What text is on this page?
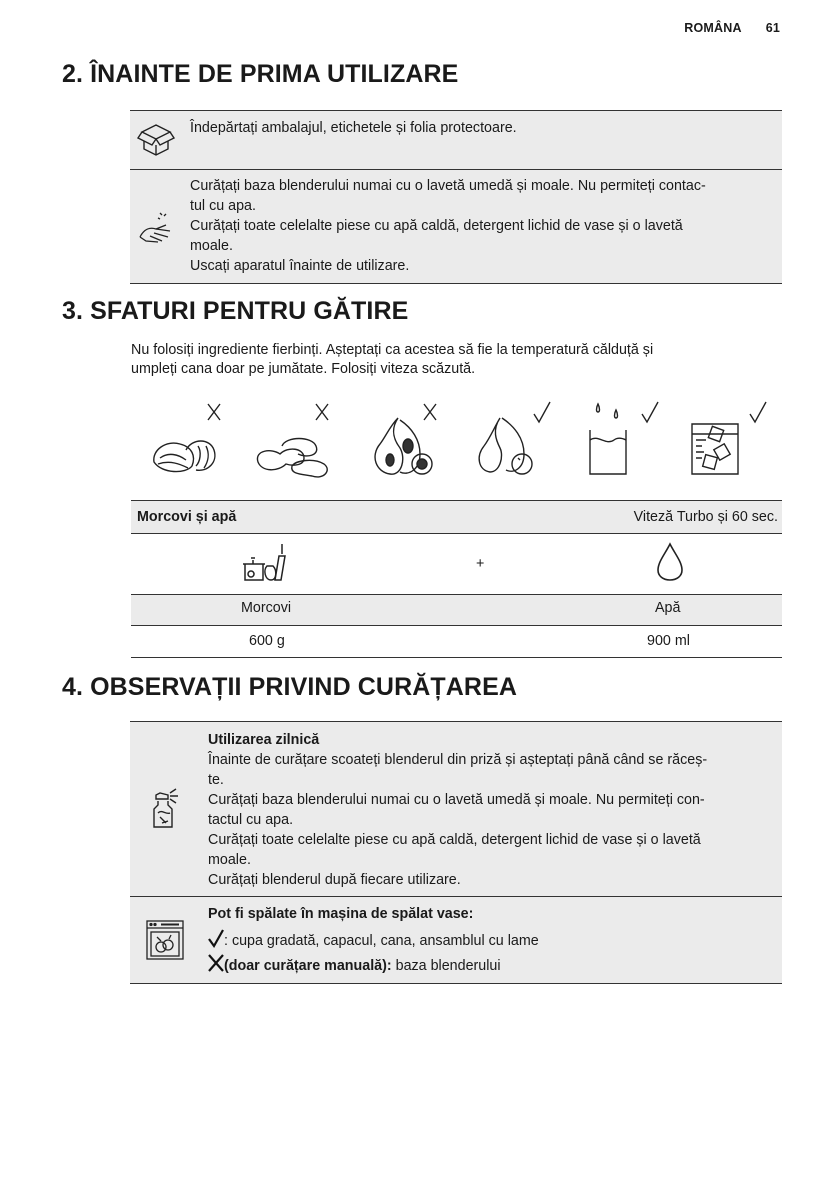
ROMÂNA 61
2. ÎNAINTE DE PRIMA UTILIZARE
Îndepărtați ambalajul, etichetele și folia protectoare.
Curățați baza blenderului numai cu o lavetă umedă și moale. Nu permiteți contac-
tul cu apa.
Curățați toate celelalte piese cu apă caldă, detergent lichid de vase și o lavetă
moale.
Uscați aparatul înainte de utilizare.
3. SFATURI PENTRU GĂTIRE
Nu folosiți ingrediente fierbinți. Așteptați ca acestea să fie la temperatură călduță și
umpleți cana doar pe jumătate. Folosiți viteza scăzută.
Morcovi și apă	Viteză Turbo și 60 sec.
+
Morcovi	Apă
600 g	900 ml
4. OBSERVAȚII PRIVIND CURĂȚAREA
Utilizarea zilnică
Înainte de curățare scoateți blenderul din priză și așteptați până când se răceș-
te.
Curățați baza blenderului numai cu o lavetă umedă și moale. Nu permiteți con-
tactul cu apa.
Curățați toate celelalte piese cu apă caldă, detergent lichid de vase și o lavetă
moale.
Curățați blenderul după fiecare utilizare.
Pot fi spălate în mașina de spălat vase:
: cupa gradată, capacul, cana, ansamblul cu lame
(doar curățare manuală): baza blenderului
